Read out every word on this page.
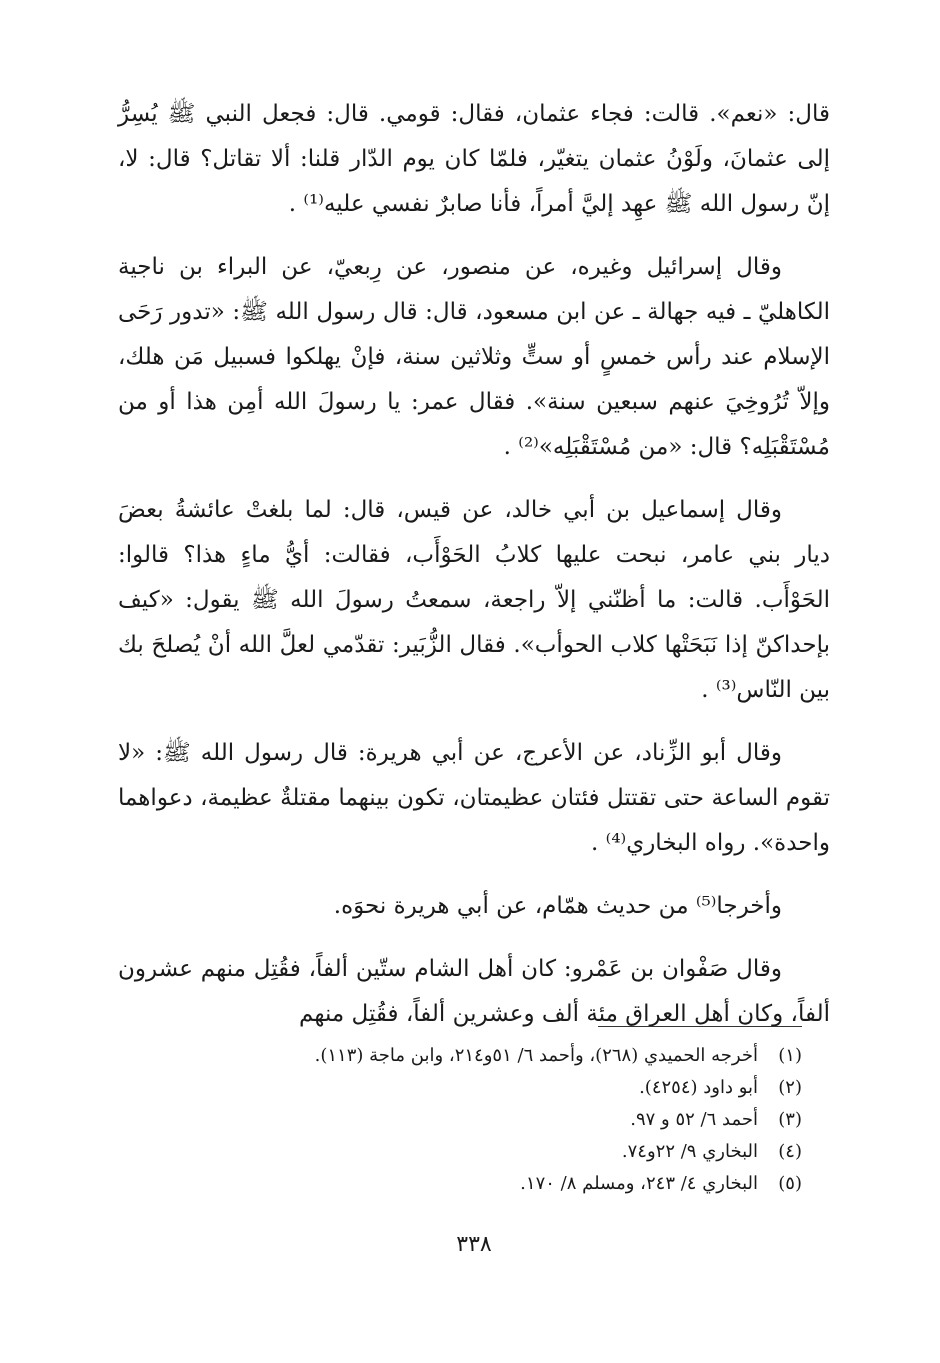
قال: «نعم». قالت: فجاء عثمان، فقال: قومي. قال: فجعل النبي ﷺ يُسِرُّ إلى عثمانَ، ولَوْنُ عثمان يتغيّر، فلمّا كان يوم الدّار قلنا: ألا تقاتل؟ قال: لا، إنّ رسول الله ﷺ عهِد إليَّ أمراً، فأنا صابرٌ نفسي عليه⁽¹⁾ .

وقال إسرائيل وغيره، عن منصور، عن رِبعيّ، عن البراء بن ناجية الكاهليّ ـ فيه جهالة ـ عن ابن مسعود، قال: قال رسول الله ﷺ: «تدور رَحَى الإسلام عند رأس خمسٍ أو ستٍّ وثلاثين سنة، فإنْ يهلكوا فسبيل مَن هلك، وإلاّ تُرُوخِيَ عنهم سبعين سنة». فقال عمر: يا رسولَ الله أمِن هذا أو من مُسْتَقْبَلِه؟ قال: «من مُسْتَقْبَلِه»⁽²⁾ .

وقال إسماعيل بن أبي خالد، عن قيس، قال: لما بلغتْ عائشةُ بعضَ ديار بني عامر، نبحت عليها كلابُ الحَوْأَب، فقالت: أيُّ ماءٍ هذا؟ قالوا: الحَوْأَب. قالت: ما أظنّني إلاّ راجعة، سمعتُ رسولَ الله ﷺ يقول: «كيف بإحداكنّ إذا نَبَحَتْها كلاب الحوأب». فقال الزُّبَير: تقدّمي لعلَّ الله أنْ يُصلحَ بك بين النّاس⁽³⁾ .

وقال أبو الزِّناد، عن الأعرج، عن أبي هريرة: قال رسول الله ﷺ: «لا تقوم الساعة حتى تقتتل فئتان عظيمتان، تكون بينهما مقتلةٌ عظيمة، دعواهما واحدة». رواه البخاري⁽⁴⁾ .

وأخرجا⁽⁵⁾ من حديث همّام، عن أبي هريرة نحوَه.

وقال صَفْوان بن عَمْرو: كان أهل الشام ستّين ألفاً، فقُتِل منهم عشرون ألفاً، وكان أهل العراق مئة ألف وعشرين ألفاً، فقُتِل منهم

(١)
أخرجه الحميدي (٢٦٨)، وأحمد ٦/ ٥١و٢١٤، وابن ماجة (١١٣).
(٢)
أبو داود (٤٢٥٤).
(٣)
أحمد ٦/ ٥٢ و ٩٧.
(٤)
البخاري ٩/ ٢٢و٧٤.
(٥)
البخاري ٤/ ٢٤٣، ومسلم ٨/ ١٧٠.
٣٣٨
